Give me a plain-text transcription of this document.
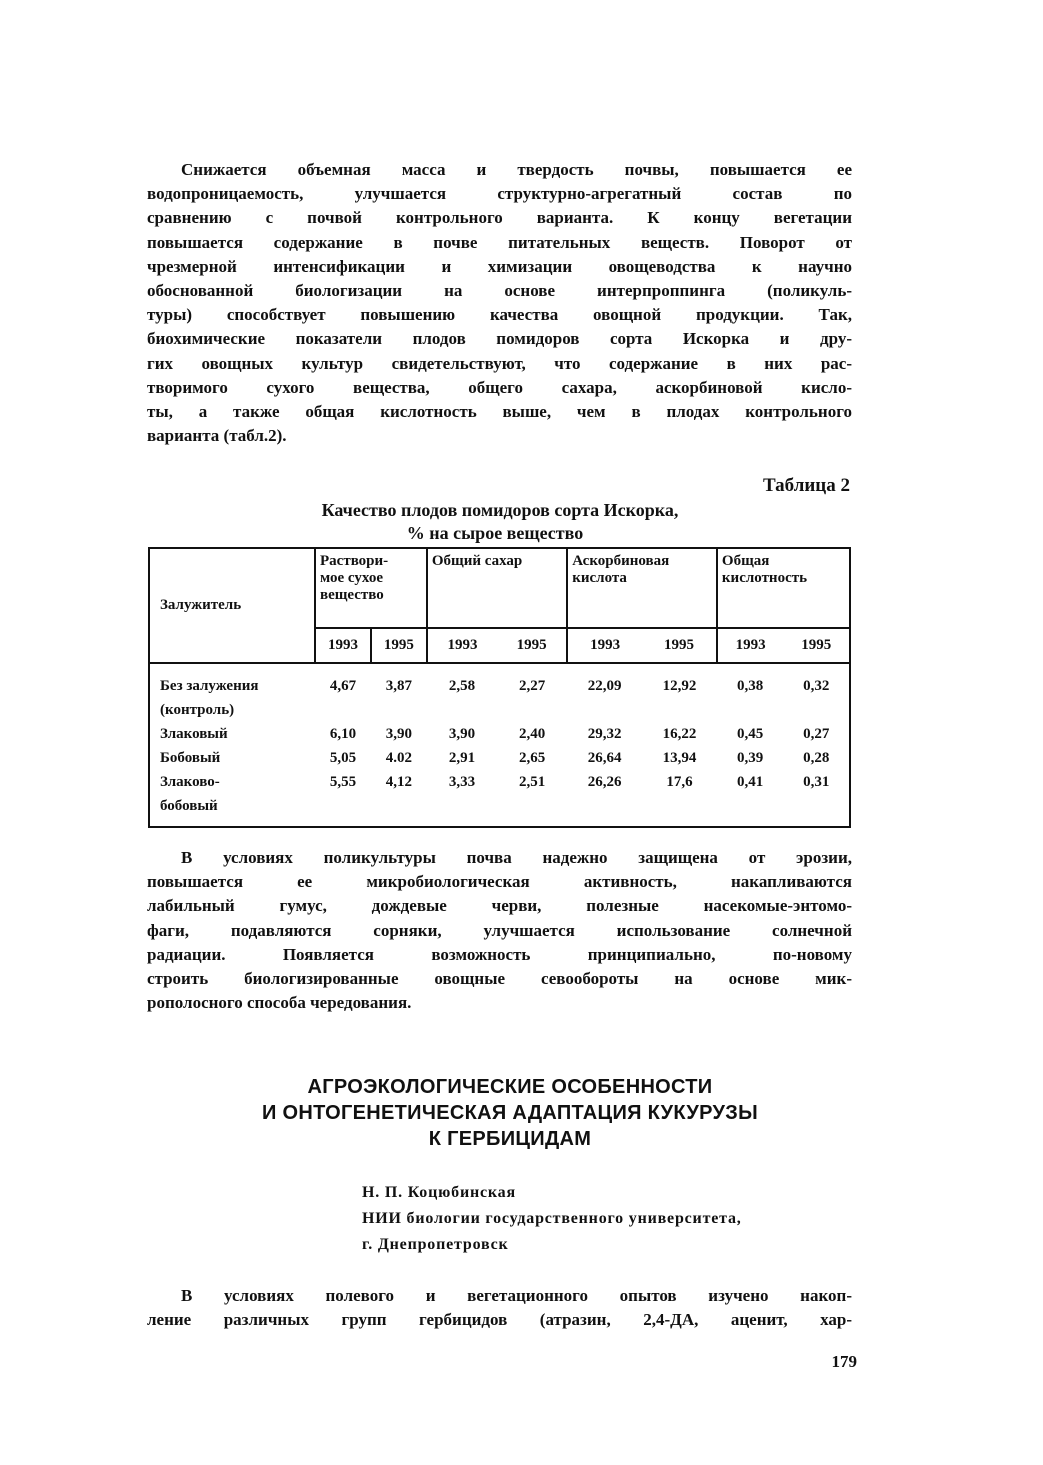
Снижается объемная масса и твердость почвы, повышается ее
водопроницаемость, улучшается структурно-агрегатный состав по
сравнению с почвой контрольного варианта. К концу вегетации
повышается содержание в почве питательных веществ. Поворот от
чрезмерной интенсификации и химизации овощеводства к научно
обоснованной биологизации на основе интерпроппинга (поликуль-
туры) способствует повышению качества овощной продукции. Так,
биохимические показатели плодов помидоров сорта Искорка и дру-
гих овощных культур свидетельствуют, что содержание в них рас-
творимого сухого вещества, общего сахара, аскорбиновой кисло-
ты, а также общая кислотность выше, чем в плодах контрольного
варианта (табл.2).
Таблица 2
Качество плодов помидоров сорта Искорка,
% на сырое вещество
Залужитель	Раствори-
мое сухое
вещество		Общий сахар		Аскорбиновая
кислота		Общая
кислотность	
	1993	1995	1993	1995	1993	1995	1993	1995
Без залужения	4,67	3,87	2,58	2,27	22,09	12,92	0,38	0,32
(контроль)								
Злаковый	6,10	3,90	3,90	2,40	29,32	16,22	0,45	0,27
Бобовый	5,05	4.02	2,91	2,65	26,64	13,94	0,39	0,28
Злаково-	5,55	4,12	3,33	2,51	26,26	17,6	0,41	0,31
бобовый								
В условиях поликультуры почва надежно защищена от эрозии,
повышается ее микробиологическая активность, накапливаются
лабильный гумус, дождевые черви, полезные насекомые-энтомо-
фаги, подавляются сорняки, улучшается использование солнечной
радиации. Появляется возможность принципиально, по-новому
строить биологизированные овощные севообороты на основе мик-
рополосного способа чередования.
АГРОЭКОЛОГИЧЕСКИЕ ОСОБЕННОСТИ
И ОНТОГЕНЕТИЧЕСКАЯ АДАПТАЦИЯ КУКУРУЗЫ
К ГЕРБИЦИДАМ
Н. П. Коцюбинская
НИИ биологии государственного университета,
г. Днепропетровск
В условиях полевого и вегетационного опытов изучено накоп-
ление различных групп гербицидов (атразин, 2,4-ДА, аценит, хар-
179
